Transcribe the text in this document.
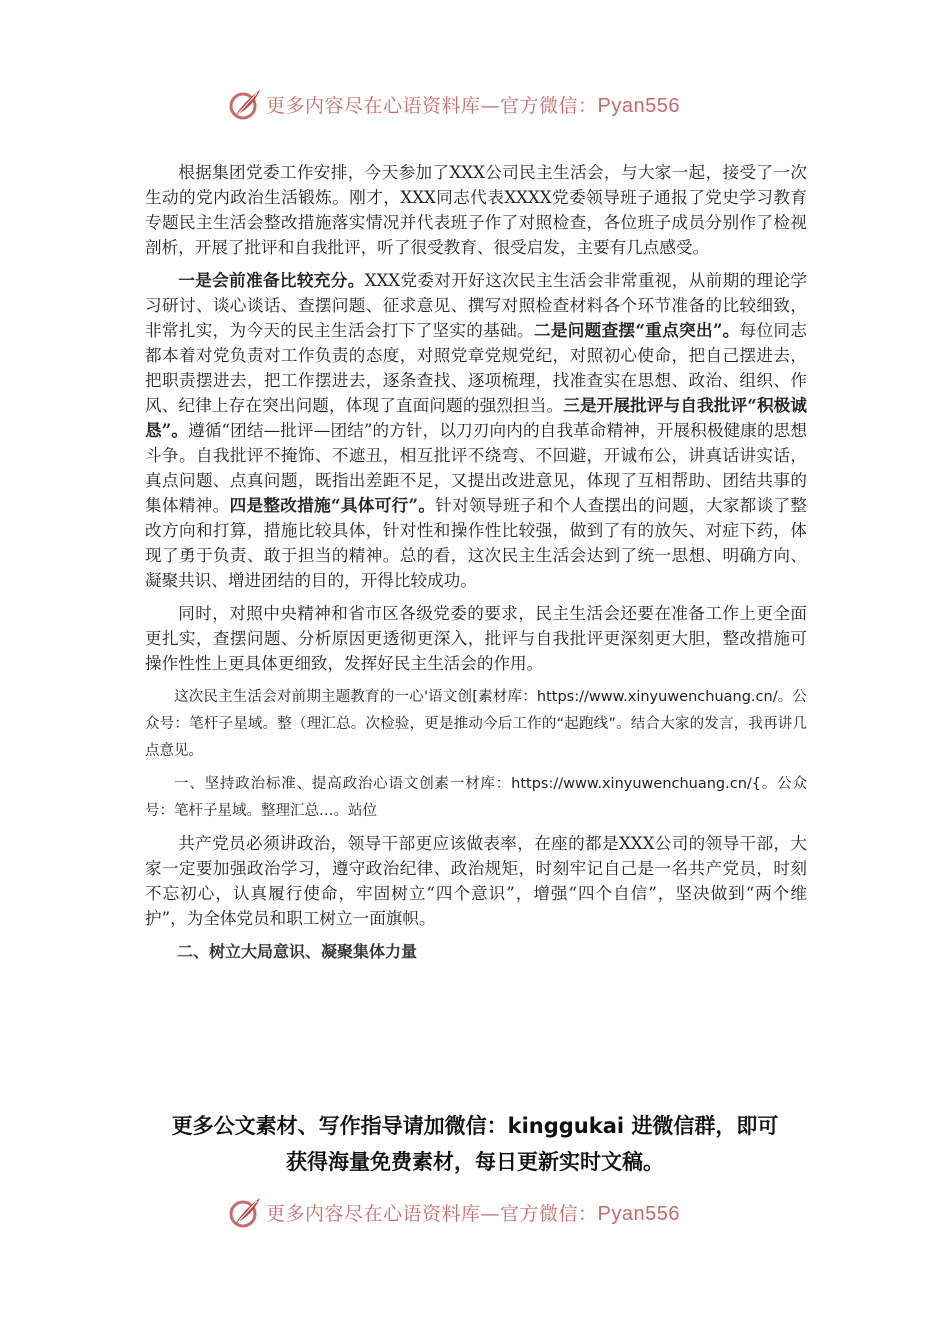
更多内容尽在心语资料库—官方微信：Pyan556

根据集团党委工作安排，今天参加了XXX公司民主生活会，与大家一起，接受了一次生动的党内政治生活锻炼。刚才，XXX同志代表XXXX党委领导班子通报了党史学习教育专题民主生活会整改措施落实情况并代表班子作了对照检查，各位班子成员分别作了检视剖析，开展了批评和自我批评，听了很受教育、很受启发，主要有几点感受。

一是会前准备比较充分。XXX党委对开好这次民主生活会非常重视，从前期的理论学习研讨、谈心谈话、查摆问题、征求意见、撰写对照检查材料各个环节准备的比较细致，非常扎实，为今天的民主生活会打下了坚实的基础。二是问题查摆“重点突出”。每位同志都本着对党负责对工作负责的态度，对照党章党规党纪，对照初心使命，把自己摆进去，把职责摆进去，把工作摆进去，逐条查找、逐项梳理，找准查实在思想、政治、组织、作风、纪律上存在突出问题，体现了直面问题的强烈担当。三是开展批评与自我批评“积极诚恳”。遵循“团结—批评—团结”的方针，以刀刃向内的自我革命精神，开展积极健康的思想斗争。自我批评不掩饰、不遮丑，相互批评不绕弯、不回避，开诚布公，讲真话讲实话，真点问题、点真问题，既指出差距不足，又提出改进意见，体现了互相帮助、团结共事的集体精神。四是整改措施“具体可行”。针对领导班子和个人查摆出的问题，大家都谈了整改方向和打算，措施比较具体，针对性和操作性比较强，做到了有的放矢、对症下药，体现了勇于负责、敢于担当的精神。总的看，这次民主生活会达到了统一思想、明确方向、凝聚共识、增进团结的目的，开得比较成功。

同时，对照中央精神和省市区各级党委的要求，民主生活会还要在准备工作上更全面更扎实，查摆问题、分析原因更透彻更深入，批评与自我批评更深刻更大胆，整改措施可操作性性上更具体更细致，发挥好民主生活会的作用。

这次民主生活会对前期主题教育的一心'语文创[素材库：https://www.xinyuwenchuang.cn/。公众号：笔杆子星域。整（理汇总。次检验，更是推动今后工作的“起跑线”。结合大家的发言，我再讲几点意见。

一、坚持政治标准、提高政治心语文创素一材库：https://www.xinyuwenchuang.cn/{。公众号：笔杆子星域。整理汇总…。站位

共产党员必须讲政治，领导干部更应该做表率，在座的都是XXX公司的领导干部，大家一定要加强政治学习，遵守政治纪律、政治规矩，时刻牢记自己是一名共产党员，时刻不忘初心，认真履行使命，牢固树立“四个意识”，增强“四个自信”，坚决做到“两个维护”，为全体党员和职工树立一面旗帜。

二、树立大局意识、凝聚集体力量

更多公文素材、写作指导请加微信：kinggukai 进微信群，即可
获得海量免费素材，每日更新实时文稿。
更多内容尽在心语资料库—官方微信：Pyan556
